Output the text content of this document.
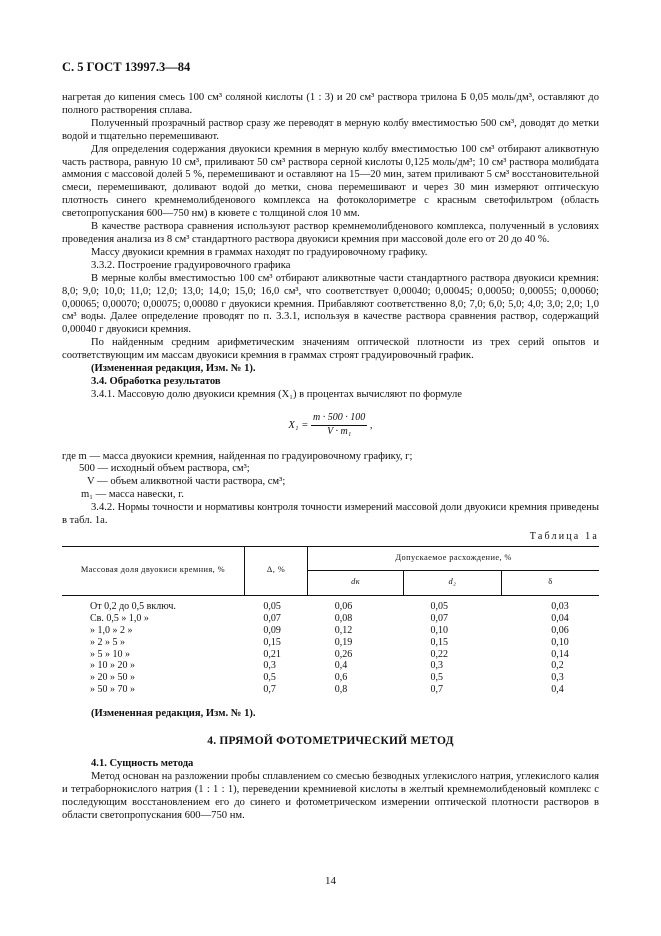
С. 5 ГОСТ 13997.3—84

нагретая до кипения смесь 100 см³ соляной кислоты (1 : 3) и 20 см³ раствора трилона Б 0,05 моль/дм³, оставляют до полного растворения сплава.

Полученный прозрачный раствор сразу же переводят в мерную колбу вместимостью 500 см³, доводят до метки водой и тщательно перемешивают.

Для определения содержания двуокиси кремния в мерную колбу вместимостью 100 см³ отбирают аликвотную часть раствора, равную 10 см³, приливают 50 см³ раствора серной кислоты 0,125 моль/дм³; 10 см³ раствора молибдата аммония с массовой долей 5 %, перемешивают и оставляют на 15—20 мин, затем приливают 5 см³ восстановительной смеси, перемешивают, доливают водой до метки, снова перемешивают и через 30 мин измеряют оптическую плотность синего кремнемолибденового комплекса на фотоколориметре с красным светофильтром (область светопропускания 600—750 нм) в кювете с толщиной слоя 10 мм.

В качестве раствора сравнения используют раствор кремнемолибденового комплекса, полученный в условиях проведения анализа из 8 см³ стандартного раствора двуокиси кремния при массовой доле его от 20 до 40 %.

Массу двуокиси кремния в граммах находят по градуировочному графику.

3.3.2. Построение градуировочного графика

В мерные колбы вместимостью 100 см³ отбирают аликвотные части стандартного раствора двуокиси кремния: 8,0; 9,0; 10,0; 11,0; 12,0; 13,0; 14,0; 15,0; 16,0 см³, что соответствует 0,00040; 0,00045; 0,00050; 0,00055; 0,00060; 0,00065; 0,00070; 0,00075; 0,00080 г двуокиси кремния. Прибавляют соответственно 8,0; 7,0; 6,0; 5,0; 4,0; 3,0; 2,0; 1,0 см³ воды. Далее определение проводят по п. 3.3.1, используя в качестве раствора сравнения раствор, содержащий 0,00040 г двуокиси кремния.

По найденным средним арифметическим значениям оптической плотности из трех серий опытов и соответствующим им массам двуокиси кремния в граммах строят градуировочный график.

(Измененная редакция, Изм. № 1).

3.4. Обработка результатов

3.4.1. Массовую долю двуокиси кремния (X₁) в процентах вычисляют по формуле

$X_1 = \frac{m \cdot 500 \cdot 100}{\text{V · m₁}}$ ,

где m — масса двуокиси кремния, найденная по градуировочному графику, г;

500 — исходный объем раствора, см³;

V — объем аликвотной части раствора, см³;

m₁ — масса навески, г.

3.4.2. Нормы точности и нормативы контроля точности измерений массовой доли двуокиси кремния приведены в табл. 1а.

Таблица 1а
Массовая доля двуокиси кремния, %	Δ, %	Допускаемое расхождение, %		
		dк	d₂	δ
От 0,2 до 0,5 включ.	0,05	0,06	0,05	0,03
Св. 0,5 » 1,0 »	0,07	0,08	0,07	0,04
» 1,0 » 2 »	0,09	0,12	0,10	0,06
» 2 » 5 »	0,15	0,19	0,15	0,10
» 5 » 10 »	0,21	0,26	0,22	0,14
» 10 » 20 »	0,3	0,4	0,3	0,2
» 20 » 50 »	0,5	0,6	0,5	0,3
» 50 » 70 »	0,7	0,8	0,7	0,4

(Измененная редакция, Изм. № 1).

4. ПРЯМОЙ ФОТОМЕТРИЧЕСКИЙ МЕТОД

4.1. Сущность метода

Метод основан на разложении пробы сплавлением со смесью безводных углекислого натрия, углекислого калия и тетраборнокислого натрия (1 : 1 : 1), переведении кремниевой кислоты в желтый кремнемолибденовый комплекс с последующим восстановлением его до синего и фотометрическом измерении оптической плотности растворов в области светопропускания 600—750 нм.

14
